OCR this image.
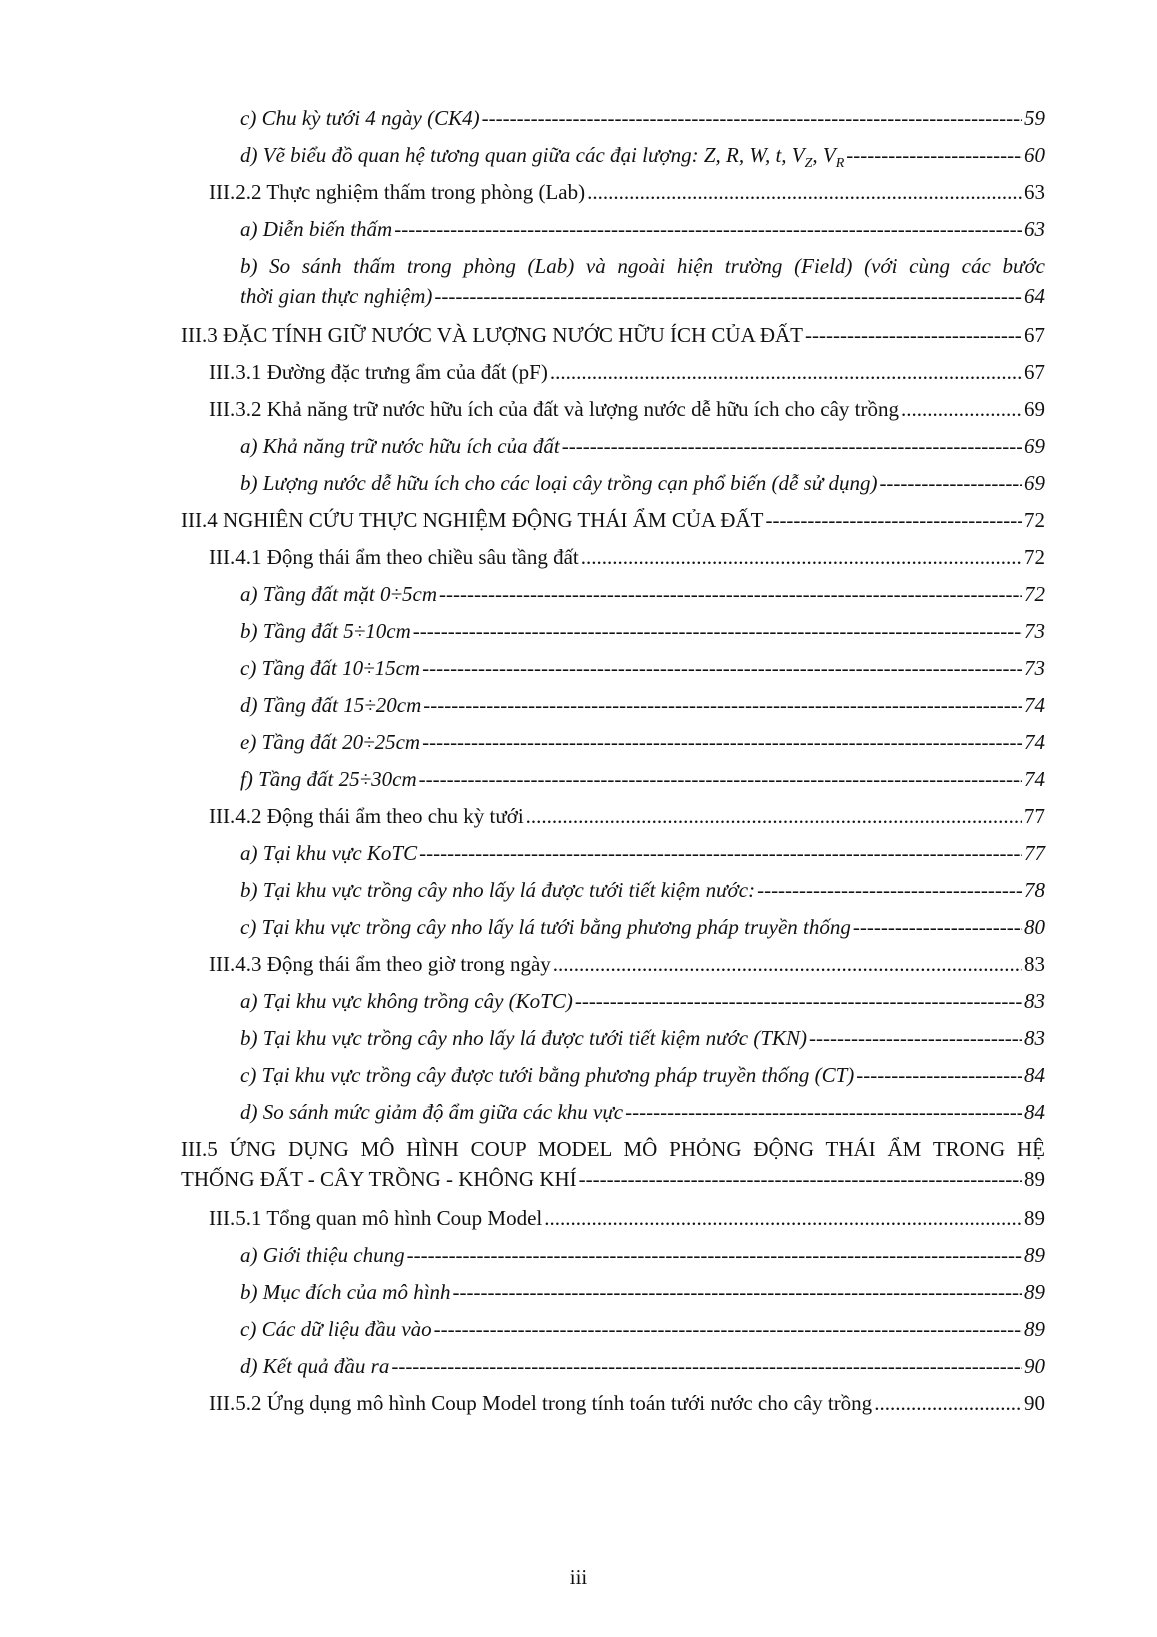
c) Chu kỳ tưới 4 ngày (CK4) -----	59
d) Vẽ biểu đồ quan hệ tương quan giữa các đại lượng: Z, R, W, t, $V_Z$, $V_R$ -----	60
III.2.2 Thực nghiệm thấm trong phòng (Lab) .....	63
a) Diễn biến thấm -----	63
b) So sánh thấm trong phòng (Lab) và ngoài hiện trường (Field) (với cùng các bước
thời gian thực nghiệm) -----	64
III.3 ĐẶC TÍNH GIỮ NƯỚC VÀ LƯỢNG NƯỚC HỮU ÍCH CỦA ĐẤT -----	67
III.3.1 Đường đặc trưng ẩm của đất (pF) .....	67
III.3.2 Khả năng trữ nước hữu ích của đất và lượng nước dễ hữu ích cho cây trồng .....	69
a) Khả năng trữ nước hữu ích của đất -----	69
b) Lượng nước dễ hữu ích cho các loại cây trồng cạn phổ biến (dễ sử dụng) -----	69
III.4 NGHIÊN CỨU THỰC NGHIỆM ĐỘNG THÁI ẨM CỦA ĐẤT -----	72
III.4.1 Động thái ẩm theo chiều sâu tầng đất .....	72
a) Tầng đất mặt 0÷5cm -----	72
b) Tầng đất 5÷10cm -----	73
c) Tầng đất 10÷15cm -----	73
d) Tầng đất 15÷20cm -----	74
e) Tầng đất 20÷25cm -----	74
f) Tầng đất 25÷30cm -----	74
III.4.2 Động thái ẩm theo chu kỳ tưới .....	77
a) Tại khu vực KoTC -----	77
b) Tại khu vực trồng cây nho lấy lá được tưới tiết kiệm nước: -----	78
c) Tại khu vực trồng cây nho lấy lá tưới bằng phương pháp truyền thống -----	80
III.4.3 Động thái ẩm theo giờ trong ngày .....	83
a) Tại khu vực không trồng cây (KoTC) -----	83
b) Tại khu vực trồng cây nho lấy lá được tưới tiết kiệm nước (TKN) -----	83
c) Tại khu vực trồng cây được tưới bằng phương pháp truyền thống (CT) -----	84
d) So sánh mức giảm độ ẩm giữa các khu vực -----	84
III.5 ỨNG DỤNG MÔ HÌNH COUP MODEL MÔ PHỎNG ĐỘNG THÁI ẨM TRONG HỆ
THỐNG ĐẤT - CÂY TRỒNG - KHÔNG KHÍ -----	89
III.5.1 Tổng quan mô hình Coup Model .....	89
a) Giới thiệu chung -----	89
b) Mục đích của mô hình -----	89
c) Các dữ liệu đầu vào -----	89
d) Kết quả đầu ra -----	90
III.5.2 Ứng dụng mô hình Coup Model trong tính toán tưới nước cho cây trồng .....	90
iii
